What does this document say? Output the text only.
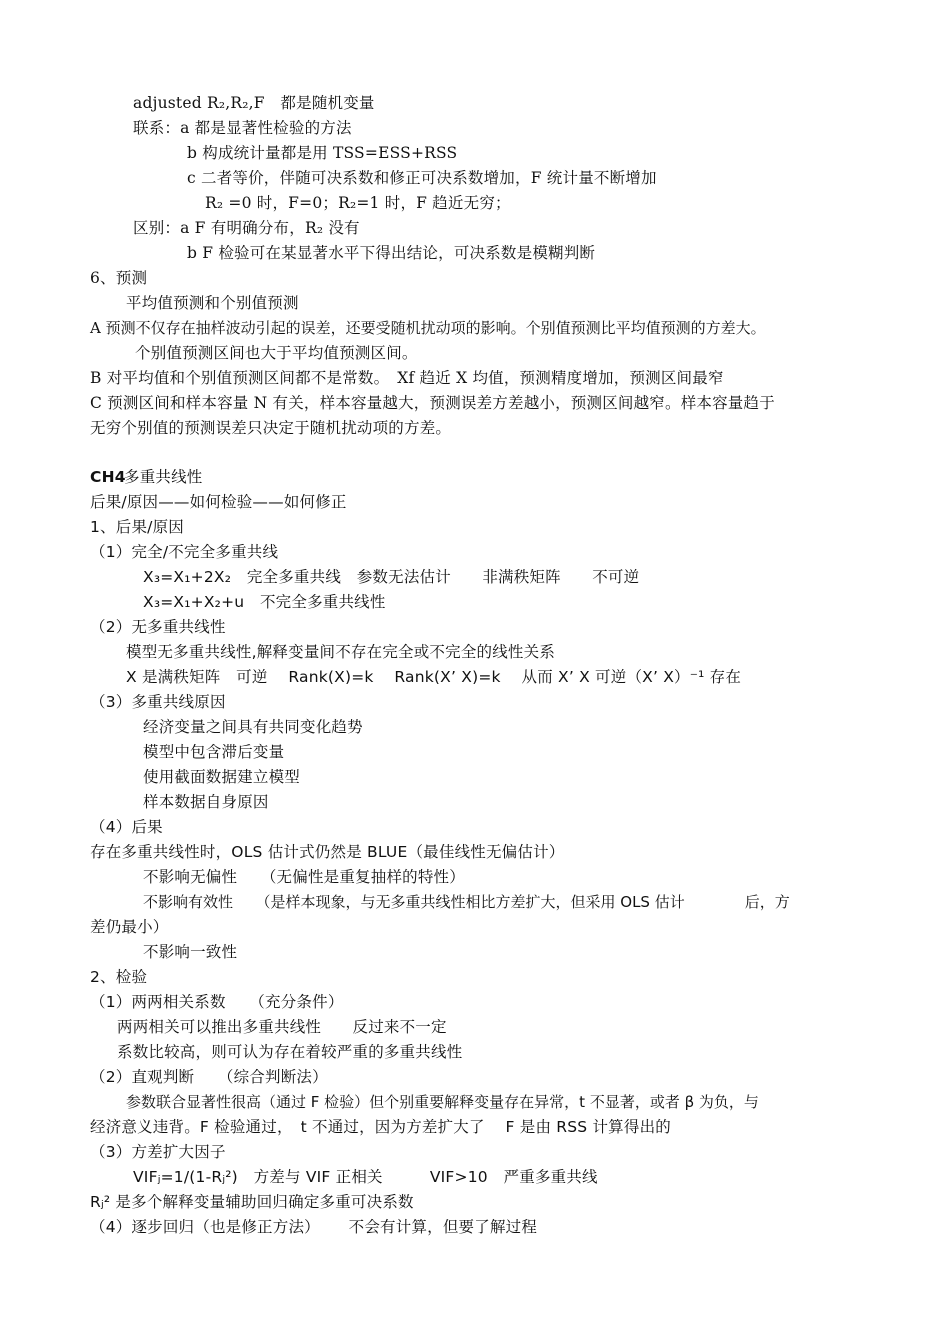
adjusted R₂,R₂,F　都是随机变量
联系：a 都是显著性检验的方法
b 构成统计量都是用 TSS=ESS+RSS
c 二者等价，伴随可决系数和修正可决系数增加，F 统计量不断增加
R₂ =0 时，F=0；R₂=1 时，F 趋近无穷；
区别：a F 有明确分布，R₂ 没有
b F 检验可在某显著水平下得出结论，可决系数是模糊判断
6、预测
平均值预测和个别值预测
A 预测不仅存在抽样波动引起的误差，还要受随机扰动项的影响。个别值预测比平均值预测的方差大。
个别值预测区间也大于平均值预测区间。
B 对平均值和个别值预测区间都不是常数。　Xf 趋近 X 均值，预测精度增加，预测区间最窄
C 预测区间和样本容量 N 有关，样本容量越大，预测误差方差越小，预测区间越窄。样本容量趋于
无穷个别值的预测误差只决定于随机扰动项的方差。
CH4
多重共线性
后果/原因——如何检验——如何修正
1、后果/原因
（1）完全/不完全多重共线
X₃=X₁+2X₂　完全多重共线　参数无法估计　　非满秩矩阵　　不可逆
X₃=X₁+X₂+u　不完全多重共线性
（2）无多重共线性
模型无多重共线性,解释变量间不存在完全或不完全的线性关系
X 是满秩矩阵　可逆　 Rank(X)=k　 Rank(X’ X)=k　 从而 X’ X 可逆（X’ X）⁻¹ 存在
（3）多重共线原因
经济变量之间具有共同变化趋势
模型中包含滞后变量
使用截面数据建立模型
样本数据自身原因
（4）后果
存在多重共线性时，OLS 估计式仍然是 BLUE（最佳线性无偏估计）
不影响无偏性　　（无偏性是重复抽样的特性）
不影响有效性　　（是样本现象，与无多重共线性相比方差扩大，但采用 OLS 估计　　　　后，方
差仍最小）
不影响一致性
2、检验
（1）两两相关系数　　（充分条件）
两两相关可以推出多重共线性　　反过来不一定
系数比较高，则可认为存在着较严重的多重共线性
（2）直观判断　　（综合判断法）
参数联合显著性很高（通过 F 检验）但个别重要解释变量存在异常，t 不显著，或者 β 为负，与
经济意义违背。F 检验通过，　t 不通过，因为方差扩大了　 F 是由 RSS 计算得出的
（3）方差扩大因子
VIFⱼ=1/(1-Rⱼ²)　方差与 VIF 正相关　　　VIF>10　严重多重共线
Rⱼ² 是多个解释变量辅助回归确定多重可决系数
（4）逐步回归（也是修正方法）　　 不会有计算，但要了解过程
